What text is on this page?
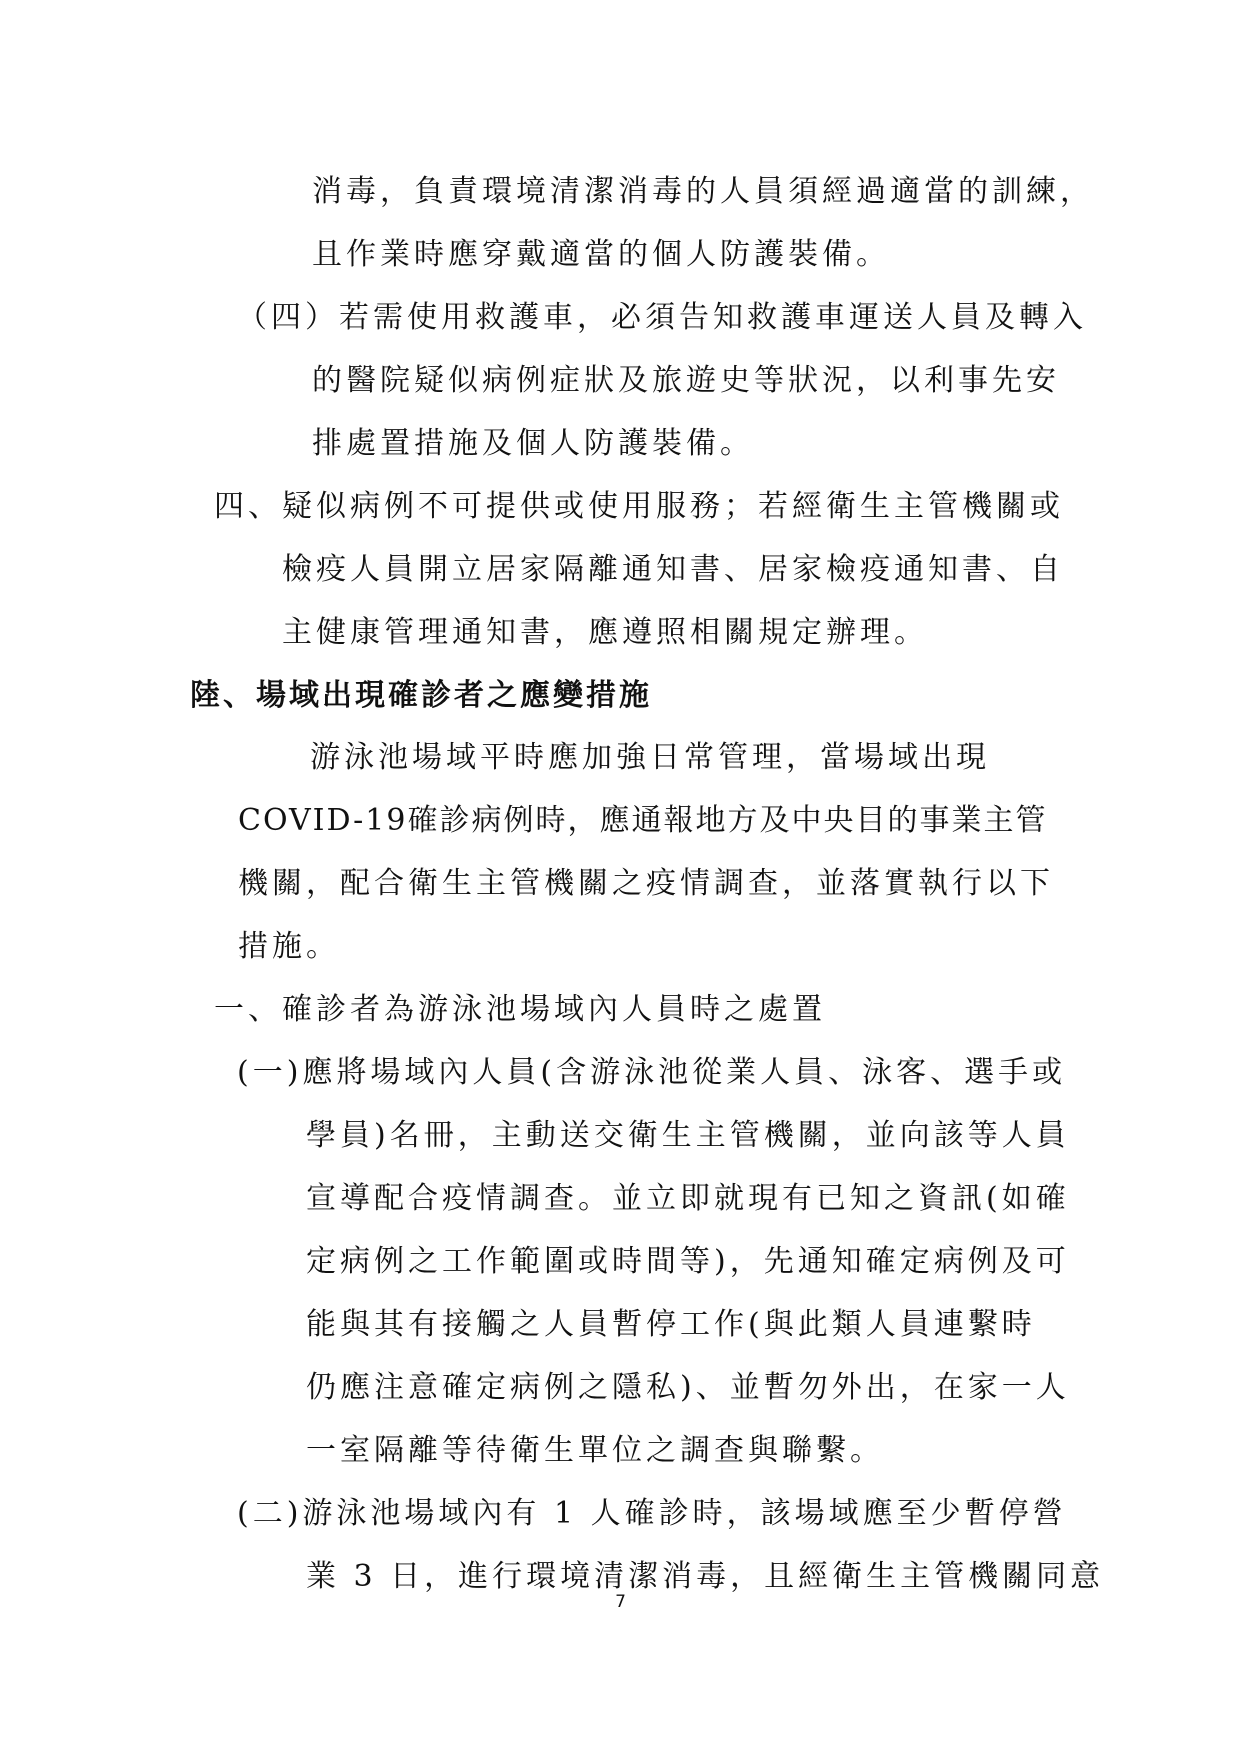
消毒，負責環境清潔消毒的人員須經過適當的訓練，
且作業時應穿戴適當的個人防護裝備。
（四）若需使用救護車，必須告知救護車運送人員及轉入
的醫院疑似病例症狀及旅遊史等狀況，以利事先安
排處置措施及個人防護裝備。
四、疑似病例不可提供或使用服務；若經衛生主管機關或
檢疫人員開立居家隔離通知書、居家檢疫通知書、自
主健康管理通知書，應遵照相關規定辦理。
陸、場域出現確診者之應變措施
游泳池場域平時應加強日常管理，當場域出現
COVID-19確診病例時，應通報地方及中央目的事業主管
機關，配合衛生主管機關之疫情調查，並落實執行以下
措施。
一、確診者為游泳池場域內人員時之處置
(一)應將場域內人員(含游泳池從業人員、泳客、選手或
學員)名冊，主動送交衛生主管機關，並向該等人員
宣導配合疫情調查。並立即就現有已知之資訊(如確
定病例之工作範圍或時間等)，先通知確定病例及可
能與其有接觸之人員暫停工作(與此類人員連繫時
仍應注意確定病例之隱私)、並暫勿外出，在家一人
一室隔離等待衛生單位之調查與聯繫。
(二)游泳池場域內有 1 人確診時，該場域應至少暫停營
業 3 日，進行環境清潔消毒，且經衛生主管機關同意
7
